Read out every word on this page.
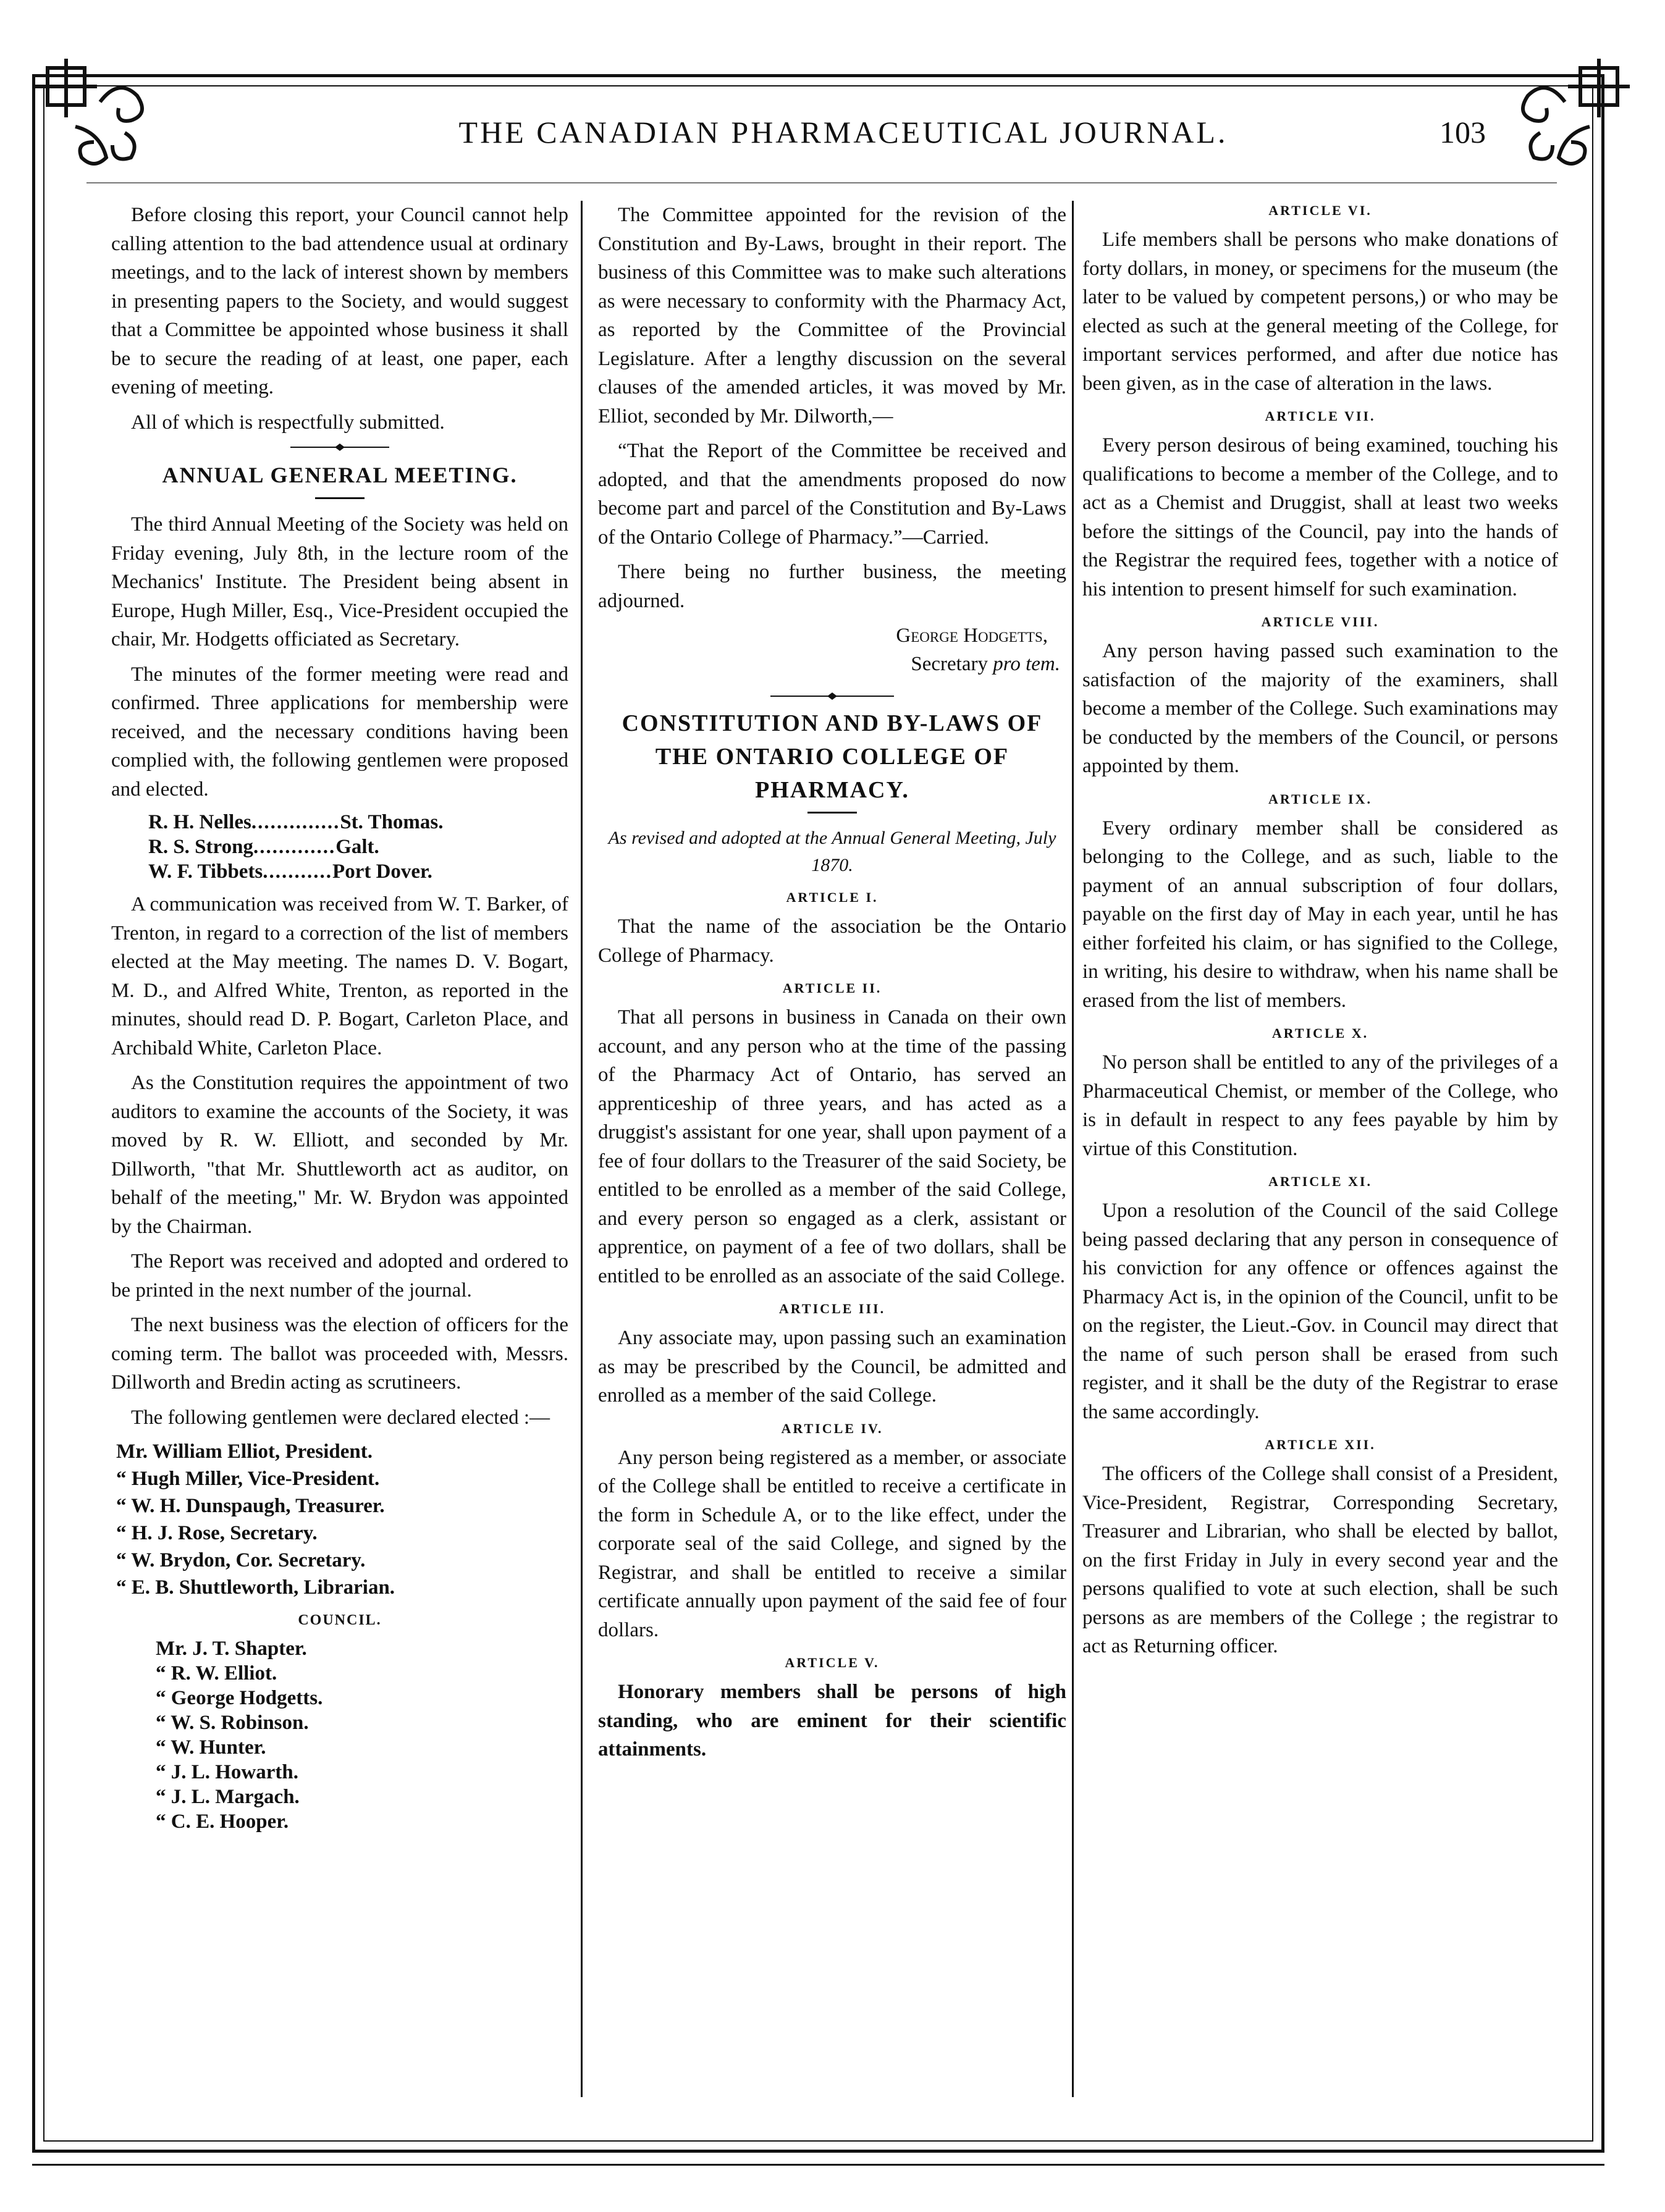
THE CANADIAN PHARMACEUTICAL JOURNAL.	103

Before closing this report, your Council cannot help calling attention to the bad attendence usual at ordinary meetings, and to the lack of interest shown by members in presenting papers to the Society, and would suggest that a Committee be appointed whose business it shall be to secure the reading of at least, one paper, each evening of meeting.

All of which is respectfully submitted.

ANNUAL GENERAL MEETING.

The third Annual Meeting of the Society was held on Friday evening, July 8th, in the lecture room of the Mechanics' Institute. The President being absent in Europe, Hugh Miller, Esq., Vice-President occupied the chair, Mr. Hodgetts officiated as Secretary.

The minutes of the former meeting were read and confirmed. Three applications for membership were received, and the necessary conditions having been complied with, the following gentlemen were proposed and elected.

R. H. Nelles .............. St. Thomas.
R. S. Strong ............. Galt.
W. F. Tibbets ........... Port Dover.

A communication was received from W. T. Barker, of Trenton, in regard to a correction of the list of members elected at the May meeting. The names D. V. Bogart, M. D., and Alfred White, Trenton, as reported in the minutes, should read D. P. Bogart, Carleton Place, and Archibald White, Carleton Place.

As the Constitution requires the appointment of two auditors to examine the accounts of the Society, it was moved by R. W. Elliott, and seconded by Mr. Dillworth, "that Mr. Shuttleworth act as auditor, on behalf of the meeting," Mr. W. Brydon was appointed by the Chairman.

The Report was received and adopted and ordered to be printed in the next number of the journal.

The next business was the election of officers for the coming term. The ballot was proceeded with, Messrs. Dillworth and Bredin acting as scrutineers.

The following gentlemen were declared elected :—

Mr. William Elliot, President.
“ Hugh Miller, Vice-President.
“ W. H. Dunspaugh, Treasurer.
“ H. J. Rose, Secretary.
“ W. Brydon, Cor. Secretary.
“ E. B. Shuttleworth, Librarian.
COUNCIL.
Mr. J. T. Shapter.
“ R. W. Elliot.
“ George Hodgetts.
“ W. S. Robinson.
“ W. Hunter.
“ J. L. Howarth.
“ J. L. Margach.
“ C. E. Hooper.

The Committee appointed for the revision of the Constitution and By-Laws, brought in their report. The business of this Committee was to make such alterations as were necessary to conformity with the Pharmacy Act, as reported by the Committee of the Provincial Legislature. After a lengthy discussion on the several clauses of the amended articles, it was moved by Mr. Elliot, seconded by Mr. Dilworth,—

“That the Report of the Committee be received and adopted, and that the amendments proposed do now become part and parcel of the Constitution and By-Laws of the Ontario College of Pharmacy.”—Carried.

There being no further business, the meeting adjourned.

George Hodgetts,
Secretary pro tem.
CONSTITUTION AND BY-LAWS OF THE ONTARIO COLLEGE OF PHARMACY.
As revised and adopted at the Annual General Meeting, July 1870.
ARTICLE I.

That the name of the association be the Ontario College of Pharmacy.

ARTICLE II.

That all persons in business in Canada on their own account, and any person who at the time of the passing of the Pharmacy Act of Ontario, has served an apprenticeship of three years, and has acted as a druggist's assistant for one year, shall upon payment of a fee of four dollars to the Treasurer of the said Society, be entitled to be enrolled as a member of the said College, and every person so engaged as a clerk, assistant or apprentice, on payment of a fee of two dollars, shall be entitled to be enrolled as an associate of the said College.

ARTICLE III.

Any associate may, upon passing such an examination as may be prescribed by the Council, be admitted and enrolled as a member of the said College.

ARTICLE IV.

Any person being registered as a member, or associate of the College shall be entitled to receive a certificate in the form in Schedule A, or to the like effect, under the corporate seal of the said College, and signed by the Registrar, and shall be entitled to receive a similar certificate annually upon payment of the said fee of four dollars.

ARTICLE V.

Honorary members shall be persons of high standing, who are eminent for their scientific attainments.

ARTICLE VI.

Life members shall be persons who make donations of forty dollars, in money, or specimens for the museum (the later to be valued by competent persons,) or who may be elected as such at the general meeting of the College, for important services performed, and after due notice has been given, as in the case of alteration in the laws.

ARTICLE VII.

Every person desirous of being examined, touching his qualifications to become a member of the College, and to act as a Chemist and Druggist, shall at least two weeks before the sittings of the Council, pay into the hands of the Registrar the required fees, together with a notice of his intention to present himself for such examination.

ARTICLE VIII.

Any person having passed such examination to the satisfaction of the majority of the examiners, shall become a member of the College. Such examinations may be conducted by the members of the Council, or persons appointed by them.

ARTICLE IX.

Every ordinary member shall be considered as belonging to the College, and as such, liable to the payment of an annual subscription of four dollars, payable on the first day of May in each year, until he has either forfeited his claim, or has signified to the College, in writing, his desire to withdraw, when his name shall be erased from the list of members.

ARTICLE X.

No person shall be entitled to any of the privileges of a Pharmaceutical Chemist, or member of the College, who is in default in respect to any fees payable by him by virtue of this Constitution.

ARTICLE XI.

Upon a resolution of the Council of the said College being passed declaring that any person in consequence of his conviction for any offence or offences against the Pharmacy Act is, in the opinion of the Council, unfit to be on the register, the Lieut.-Gov. in Council may direct that the name of such person shall be erased from such register, and it shall be the duty of the Registrar to erase the same accordingly.

ARTICLE XII.

The officers of the College shall consist of a President, Vice-President, Registrar, Corresponding Secretary, Treasurer and Librarian, who shall be elected by ballot, on the first Friday in July in every second year and the persons qualified to vote at such election, shall be such persons as are members of the College ; the registrar to act as Returning officer.
